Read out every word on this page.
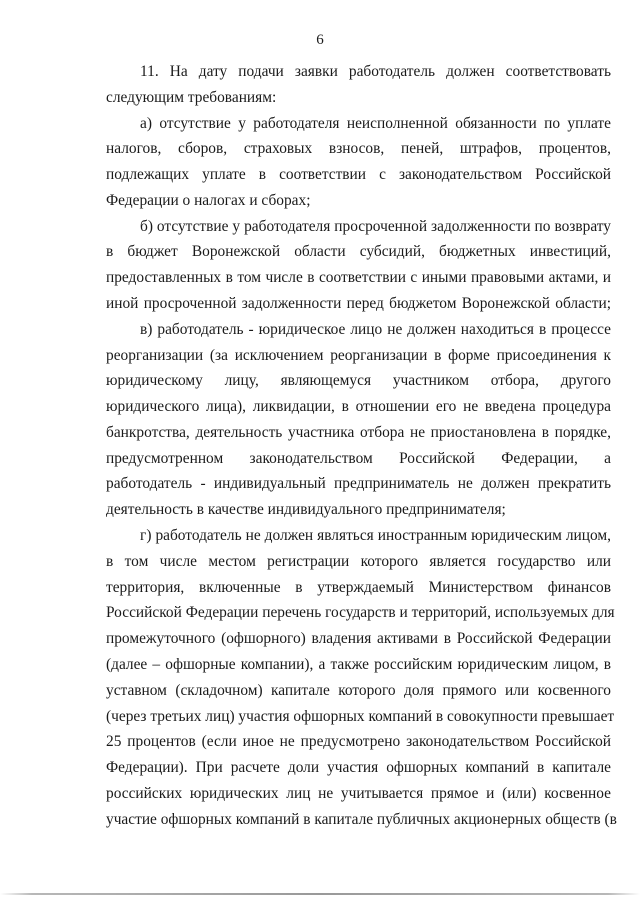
6
11. На дату подачи заявки работодатель должен соответствовать
следующим требованиям:
а) отсутствие у работодателя неисполненной обязанности по уплате
налогов, сборов, страховых взносов, пеней, штрафов, процентов,
подлежащих уплате в соответствии с законодательством Российской
Федерации о налогах и сборах;
б) отсутствие у работодателя просроченной задолженности по возврату
в бюджет Воронежской области субсидий, бюджетных инвестиций,
предоставленных в том числе в соответствии с иными правовыми актами, и
иной просроченной задолженности перед бюджетом Воронежской области;
в) работодатель - юридическое лицо не должен находиться в процессе
реорганизации (за исключением реорганизации в форме присоединения к
юридическому лицу, являющемуся участником отбора, другого
юридического лица), ликвидации, в отношении его не введена процедура
банкротства, деятельность участника отбора не приостановлена в порядке,
предусмотренном законодательством Российской Федерации, а
работодатель - индивидуальный предприниматель не должен прекратить
деятельность в качестве индивидуального предпринимателя;
г) работодатель не должен являться иностранным юридическим лицом,
в том числе местом регистрации которого является государство или
территория, включенные в утверждаемый Министерством финансов
Российской Федерации перечень государств и территорий, используемых для
промежуточного (офшорного) владения активами в Российской Федерации
(далее – офшорные компании), а также российским юридическим лицом, в
уставном (складочном) капитале которого доля прямого или косвенного
(через третьих лиц) участия офшорных компаний в совокупности превышает
25 процентов (если иное не предусмотрено законодательством Российской
Федерации). При расчете доли участия офшорных компаний в капитале
российских юридических лиц не учитывается прямое и (или) косвенное
участие офшорных компаний в капитале публичных акционерных обществ (в
